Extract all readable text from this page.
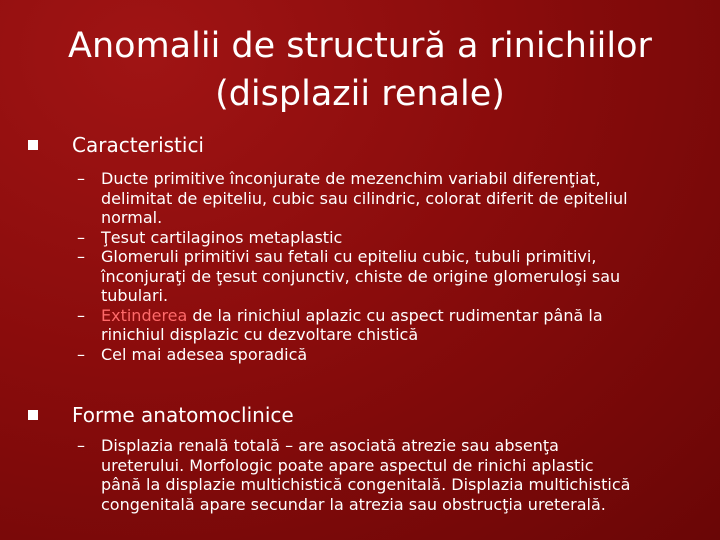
Anomalii de structură a rinichiilor
(displazii renale)
Caracteristici
– Ducte primitive înconjurate de mezenchim variabil diferenţiat,
delimitat de epiteliu, cubic sau cilindric, colorat diferit de epiteliul
normal.
– Ţesut cartilaginos metaplastic
– Glomeruli primitivi sau fetali cu epiteliu cubic, tubuli primitivi,
înconjuraţi de ţesut conjunctiv, chiste de origine glomeruloşi sau
tubulari.
– Extinderea de la rinichiul aplazic cu aspect rudimentar până la
rinichiul displazic cu dezvoltare chistică
– Cel mai adesea sporadică
Forme anatomoclinice
– Displazia renală totală – are asociată atrezie sau absenţa
ureterului. Morfologic poate apare aspectul de rinichi aplastic
până la displazie multichistică congenitală. Displazia multichistică
congenitală apare secundar la atrezia sau obstrucţia ureterală.
